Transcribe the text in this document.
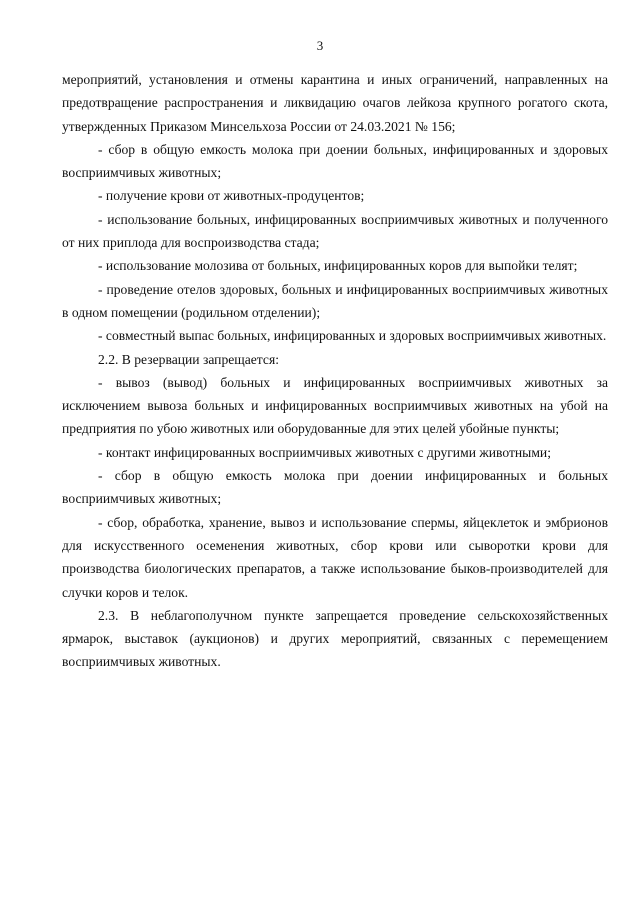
3

мероприятий, установления и отмены карантина и иных ограничений, направленных на предотвращение распространения и ликвидацию очагов лейкоза крупного рогатого скота, утвержденных Приказом Минсельхоза России от 24.03.2021 № 156;

- сбор в общую емкость молока при доении больных, инфицированных и здоровых восприимчивых животных;

- получение крови от животных-продуцентов;

- использование больных, инфицированных восприимчивых животных и полученного от них приплода для воспроизводства стада;

- использование молозива от больных, инфицированных коров для выпойки телят;

- проведение отелов здоровых, больных и инфицированных восприимчивых животных в одном помещении (родильном отделении);

- совместный выпас больных, инфицированных и здоровых восприимчивых животных.

2.2. В резервации запрещается:

- вывоз (вывод) больных и инфицированных восприимчивых животных за исключением вывоза больных и инфицированных восприимчивых животных на убой на предприятия по убою животных или оборудованные для этих целей убойные пункты;

- контакт инфицированных восприимчивых животных с другими животными;

- сбор в общую емкость молока при доении инфицированных и больных восприимчивых животных;

- сбор, обработка, хранение, вывоз и использование спермы, яйцеклеток и эмбрионов для искусственного осеменения животных, сбор крови или сыворотки крови для производства биологических препаратов, а также использование быков-производителей для случки коров и телок.

2.3. В неблагополучном пункте запрещается проведение сельскохозяйственных ярмарок, выставок (аукционов) и других мероприятий, связанных с перемещением восприимчивых животных.
